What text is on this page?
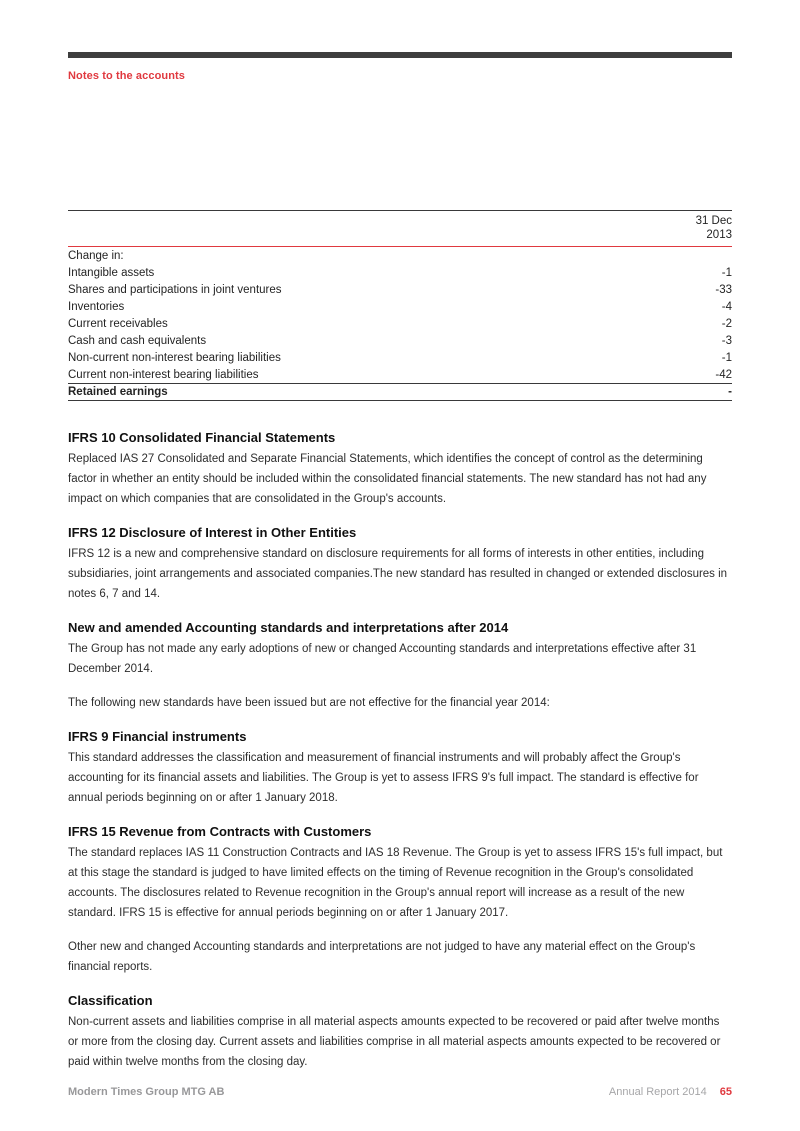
Notes to the accounts
31 Dec
2013
Change in:
Intangible assets	-1
Shares and participations in joint ventures	-33
Inventories	-4
Current receivables	-2
Cash and cash equivalents	-3
Non-current non-interest bearing liabilities	-1
Current non-interest bearing liabilities	-42
Retained earnings	-
IFRS 10 Consolidated Financial Statements

Replaced IAS 27 Consolidated and Separate Financial Statements, which identifies the concept of control as the determining factor in whether an entity should be included within the consolidated financial statements. The new standard has not had any impact on which companies that are consolidated in the Group's accounts.

IFRS 12 Disclosure of Interest in Other Entities

IFRS 12 is a new and comprehensive standard on disclosure requirements for all forms of interests in other entities, including subsidiaries, joint arrangements and associated companies.The new standard has resulted in changed or extended disclosures in notes 6, 7 and 14.

New and amended Accounting standards and interpretations after 2014

The Group has not made any early adoptions of new or changed Accounting standards and interpretations effective after 31 December 2014.

The following new standards have been issued but are not effective for the financial year 2014:

IFRS 9 Financial instruments

This standard addresses the classification and measurement of financial instruments and will probably affect the Group's accounting for its financial assets and liabilities. The Group is yet to assess IFRS 9's full impact. The standard is effective for annual periods beginning on or after 1 January 2018.

IFRS 15 Revenue from Contracts with Customers

The standard replaces IAS 11 Construction Contracts and IAS 18 Revenue. The Group is yet to assess IFRS 15's full impact, but at this stage the standard is judged to have limited effects on the timing of Revenue recognition in the Group's consolidated accounts. The disclosures related to Revenue recognition in the Group's annual report will increase as a result of the new standard. IFRS 15 is effective for annual periods beginning on or after 1 January 2017.

Other new and changed Accounting standards and interpretations are not judged to have any material effect on the Group's financial reports.

Classification

Non-current assets and liabilities comprise in all material aspects amounts expected to be recovered or paid after twelve months or more from the closing day. Current assets and liabilities comprise in all material aspects amounts expected to be recovered or paid within twelve months from the closing day.

Modern Times Group MTG AB	Annual Report 2014 65
